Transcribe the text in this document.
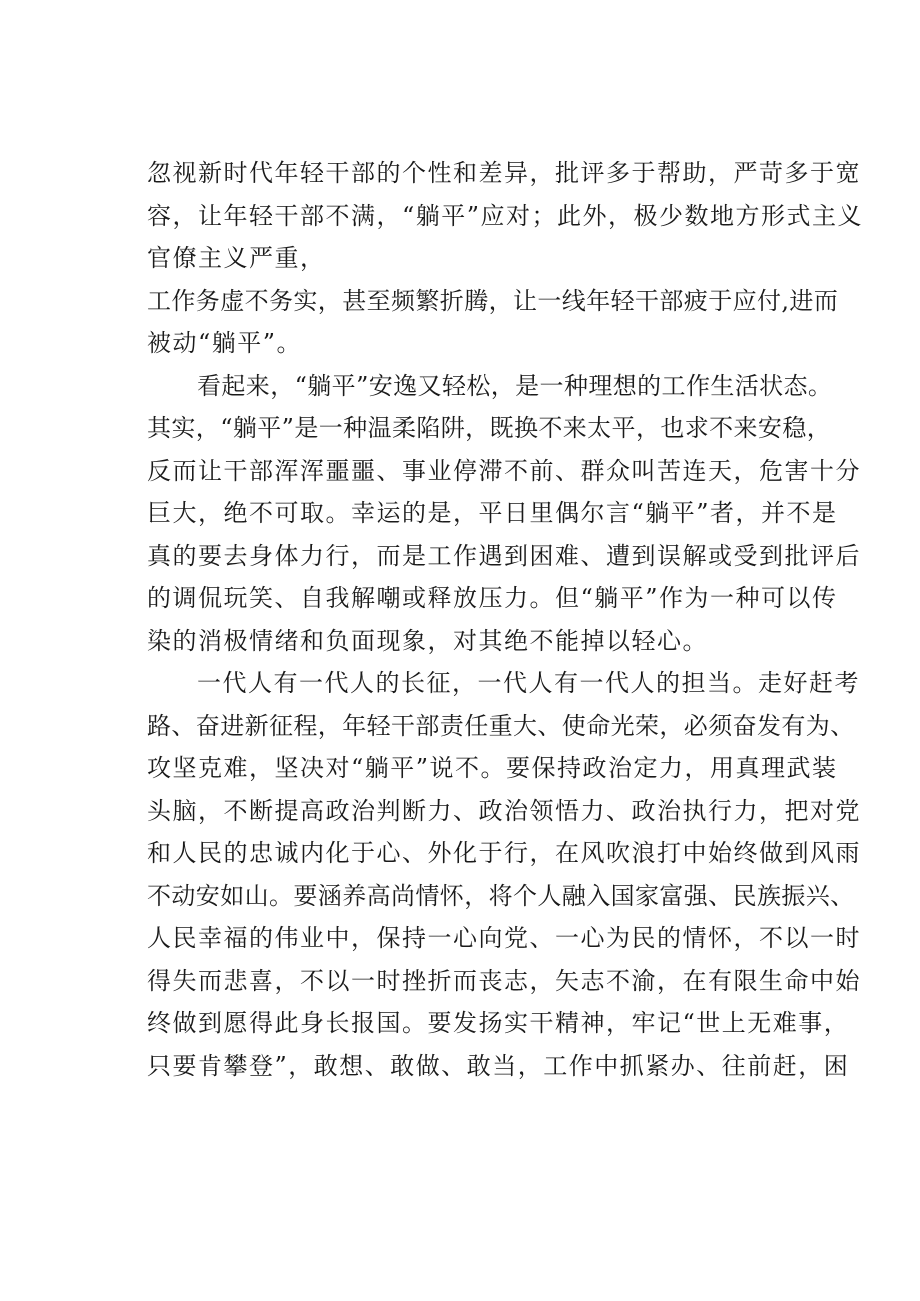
忽视新时代年轻干部的个性和差异，批评多于帮助，严苛多于宽
容，让年轻干部不满，“躺平”应对；此外，极少数地方形式主义
官僚主义严重，
工作务虚不务实，甚至频繁折腾，让一线年轻干部疲于应付,进而
被动“躺平”。
看起来，“躺平”安逸又轻松，是一种理想的工作生活状态。
其实，“躺平”是一种温柔陷阱，既换不来太平，也求不来安稳，
反而让干部浑浑噩噩、事业停滞不前、群众叫苦连天，危害十分
巨大，绝不可取。幸运的是，平日里偶尔言“躺平”者，并不是
真的要去身体力行，而是工作遇到困难、遭到误解或受到批评后
的调侃玩笑、自我解嘲或释放压力。但“躺平”作为一种可以传
染的消极情绪和负面现象，对其绝不能掉以轻心。
一代人有一代人的长征，一代人有一代人的担当。走好赶考
路、奋进新征程，年轻干部责任重大、使命光荣，必须奋发有为、
攻坚克难，坚决对“躺平”说不。要保持政治定力，用真理武装
头脑，不断提高政治判断力、政治领悟力、政治执行力，把对党
和人民的忠诚内化于心、外化于行，在风吹浪打中始终做到风雨
不动安如山。要涵养高尚情怀，将个人融入国家富强、民族振兴、
人民幸福的伟业中，保持一心向党、一心为民的情怀，不以一时
得失而悲喜，不以一时挫折而丧志，矢志不渝，在有限生命中始
终做到愿得此身长报国。要发扬实干精神，牢记“世上无难事，
只要肯攀登”，敢想、敢做、敢当，工作中抓紧办、往前赶，困
